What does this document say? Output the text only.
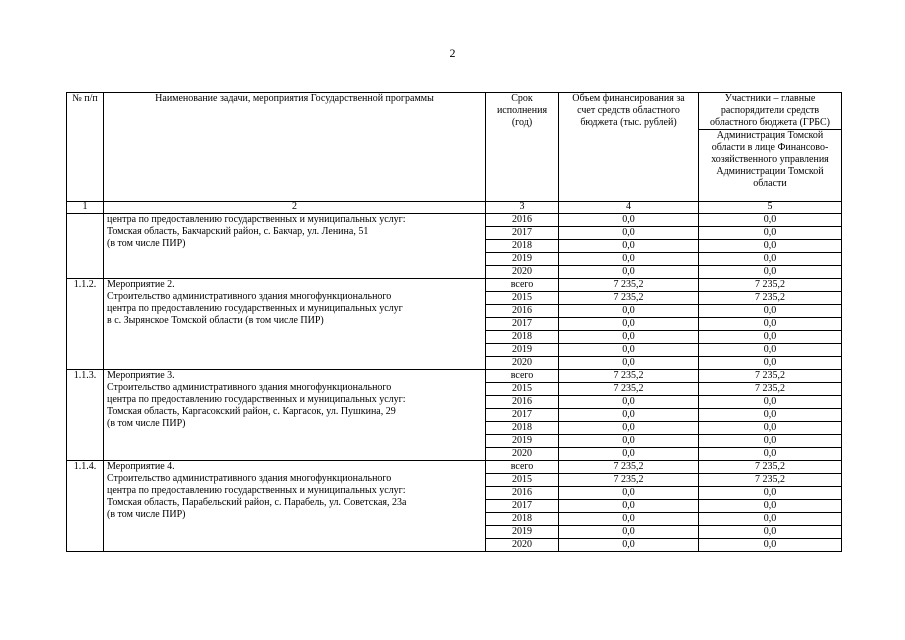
2
№ п/п	Наименование задачи, мероприятия Государственной программы	Срок исполнения (год)	Объем финансирования за счет средств областного бюджета (тыс. рублей)	Участники – главные распорядители средств областного бюджета (ГРБС)
				Администрация Томской области в лице Финансово-хозяйственного управления Администрации Томской области
1	2	3	4	5
	центра по предоставлению государственных и муниципальных услуг:
Томская область, Бакчарский район, с. Бакчар, ул. Ленина, 51
(в том числе ПИР)	2016	0,0	0,0
		2017	0,0	0,0
		2018	0,0	0,0
		2019	0,0	0,0
		2020	0,0	0,0
1.1.2.	Мероприятие 2.
Строительство административного здания многофункционального
центра по предоставлению государственных и муниципальных услуг
в с. Зырянское Томской области (в том числе ПИР)	всего	7 235,2	7 235,2
		2015	7 235,2	7 235,2
		2016	0,0	0,0
		2017	0,0	0,0
		2018	0,0	0,0
		2019	0,0	0,0
		2020	0,0	0,0
1.1.3.	Мероприятие 3.
Строительство административного здания многофункционального
центра по предоставлению государственных и муниципальных услуг:
Томская область, Каргасокский район, с. Каргасок, ул. Пушкина, 29
(в том числе ПИР)	всего	7 235,2	7 235,2
		2015	7 235,2	7 235,2
		2016	0,0	0,0
		2017	0,0	0,0
		2018	0,0	0,0
		2019	0,0	0,0
		2020	0,0	0,0
1.1.4.	Мероприятие 4.
Строительство административного здания многофункционального
центра по предоставлению государственных и муниципальных услуг:
Томская область, Парабельский район, с. Парабель, ул. Советская, 23а
(в том числе ПИР)	всего	7 235,2	7 235,2
		2015	7 235,2	7 235,2
		2016	0,0	0,0
		2017	0,0	0,0
		2018	0,0	0,0
		2019	0,0	0,0
		2020	0,0	0,0
